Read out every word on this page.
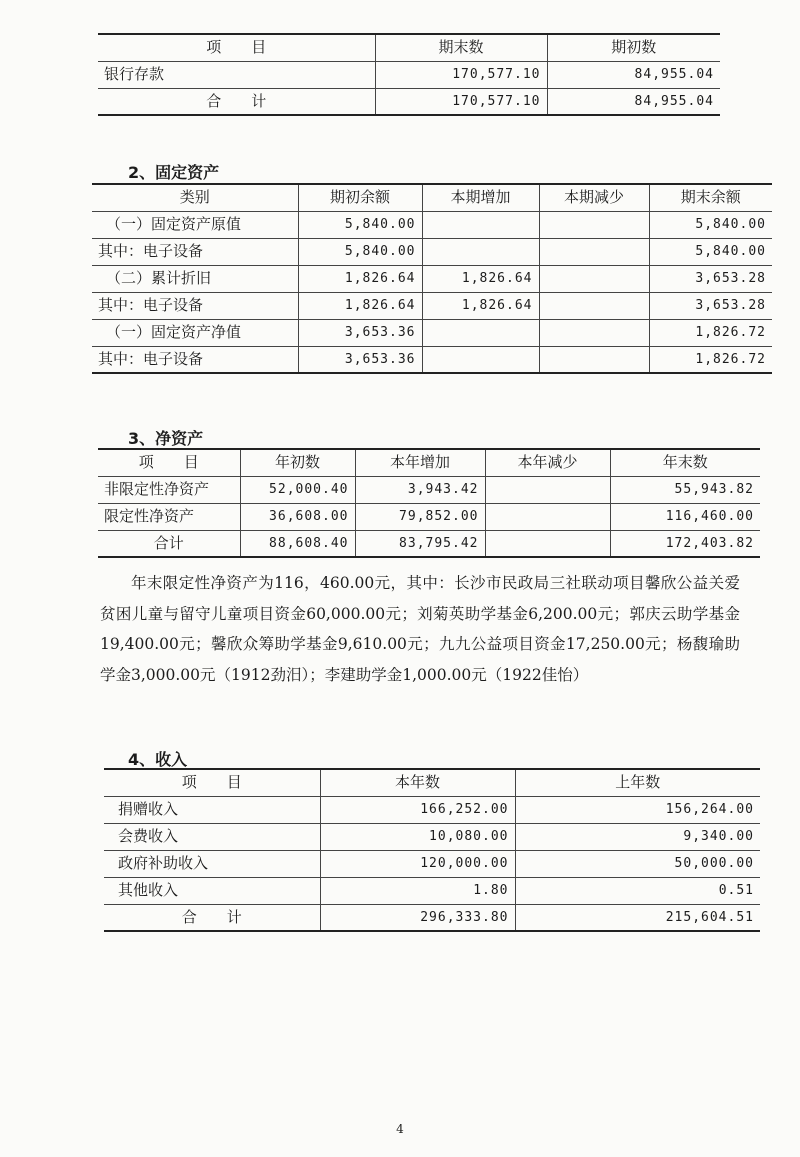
项　　目	期末数	期初数
银行存款	170,577.10	84,955.04
合　　计	170,577.10	84,955.04
2、固定资产
类别	期初余额	本期增加	本期减少	期末余额
（一）固定资产原值	5,840.00			5,840.00
其中：电子设备	5,840.00			5,840.00
（二）累计折旧	1,826.64	1,826.64		3,653.28
其中：电子设备	1,826.64	1,826.64		3,653.28
（一）固定资产净值	3,653.36			1,826.72
其中：电子设备	3,653.36			1,826.72
3、净资产
项　　目	年初数	本年增加	本年减少	年末数
非限定性净资产	52,000.40	3,943.42		55,943.82
限定性净资产	36,608.00	79,852.00		116,460.00
合计	88,608.40	83,795.42		172,403.82

年末限定性净资产为116，460.00元，其中：长沙市民政局三社联动项目馨欣公益关爱贫困儿童与留守儿童项目资金60,000.00元；刘菊英助学基金6,200.00元；郭庆云助学基金19,400.00元；馨欣众筹助学基金9,610.00元；九九公益项目资金17,250.00元；杨馥瑜助学金3,000.00元（1912劲汨）；李建助学金1,000.00元（1922佳怡）

4、收入
项　　目	本年数	上年数
捐赠收入	166,252.00	156,264.00
会费收入	10,080.00	9,340.00
政府补助收入	120,000.00	50,000.00
其他收入	1.80	0.51
合　　计	296,333.80	215,604.51
4
